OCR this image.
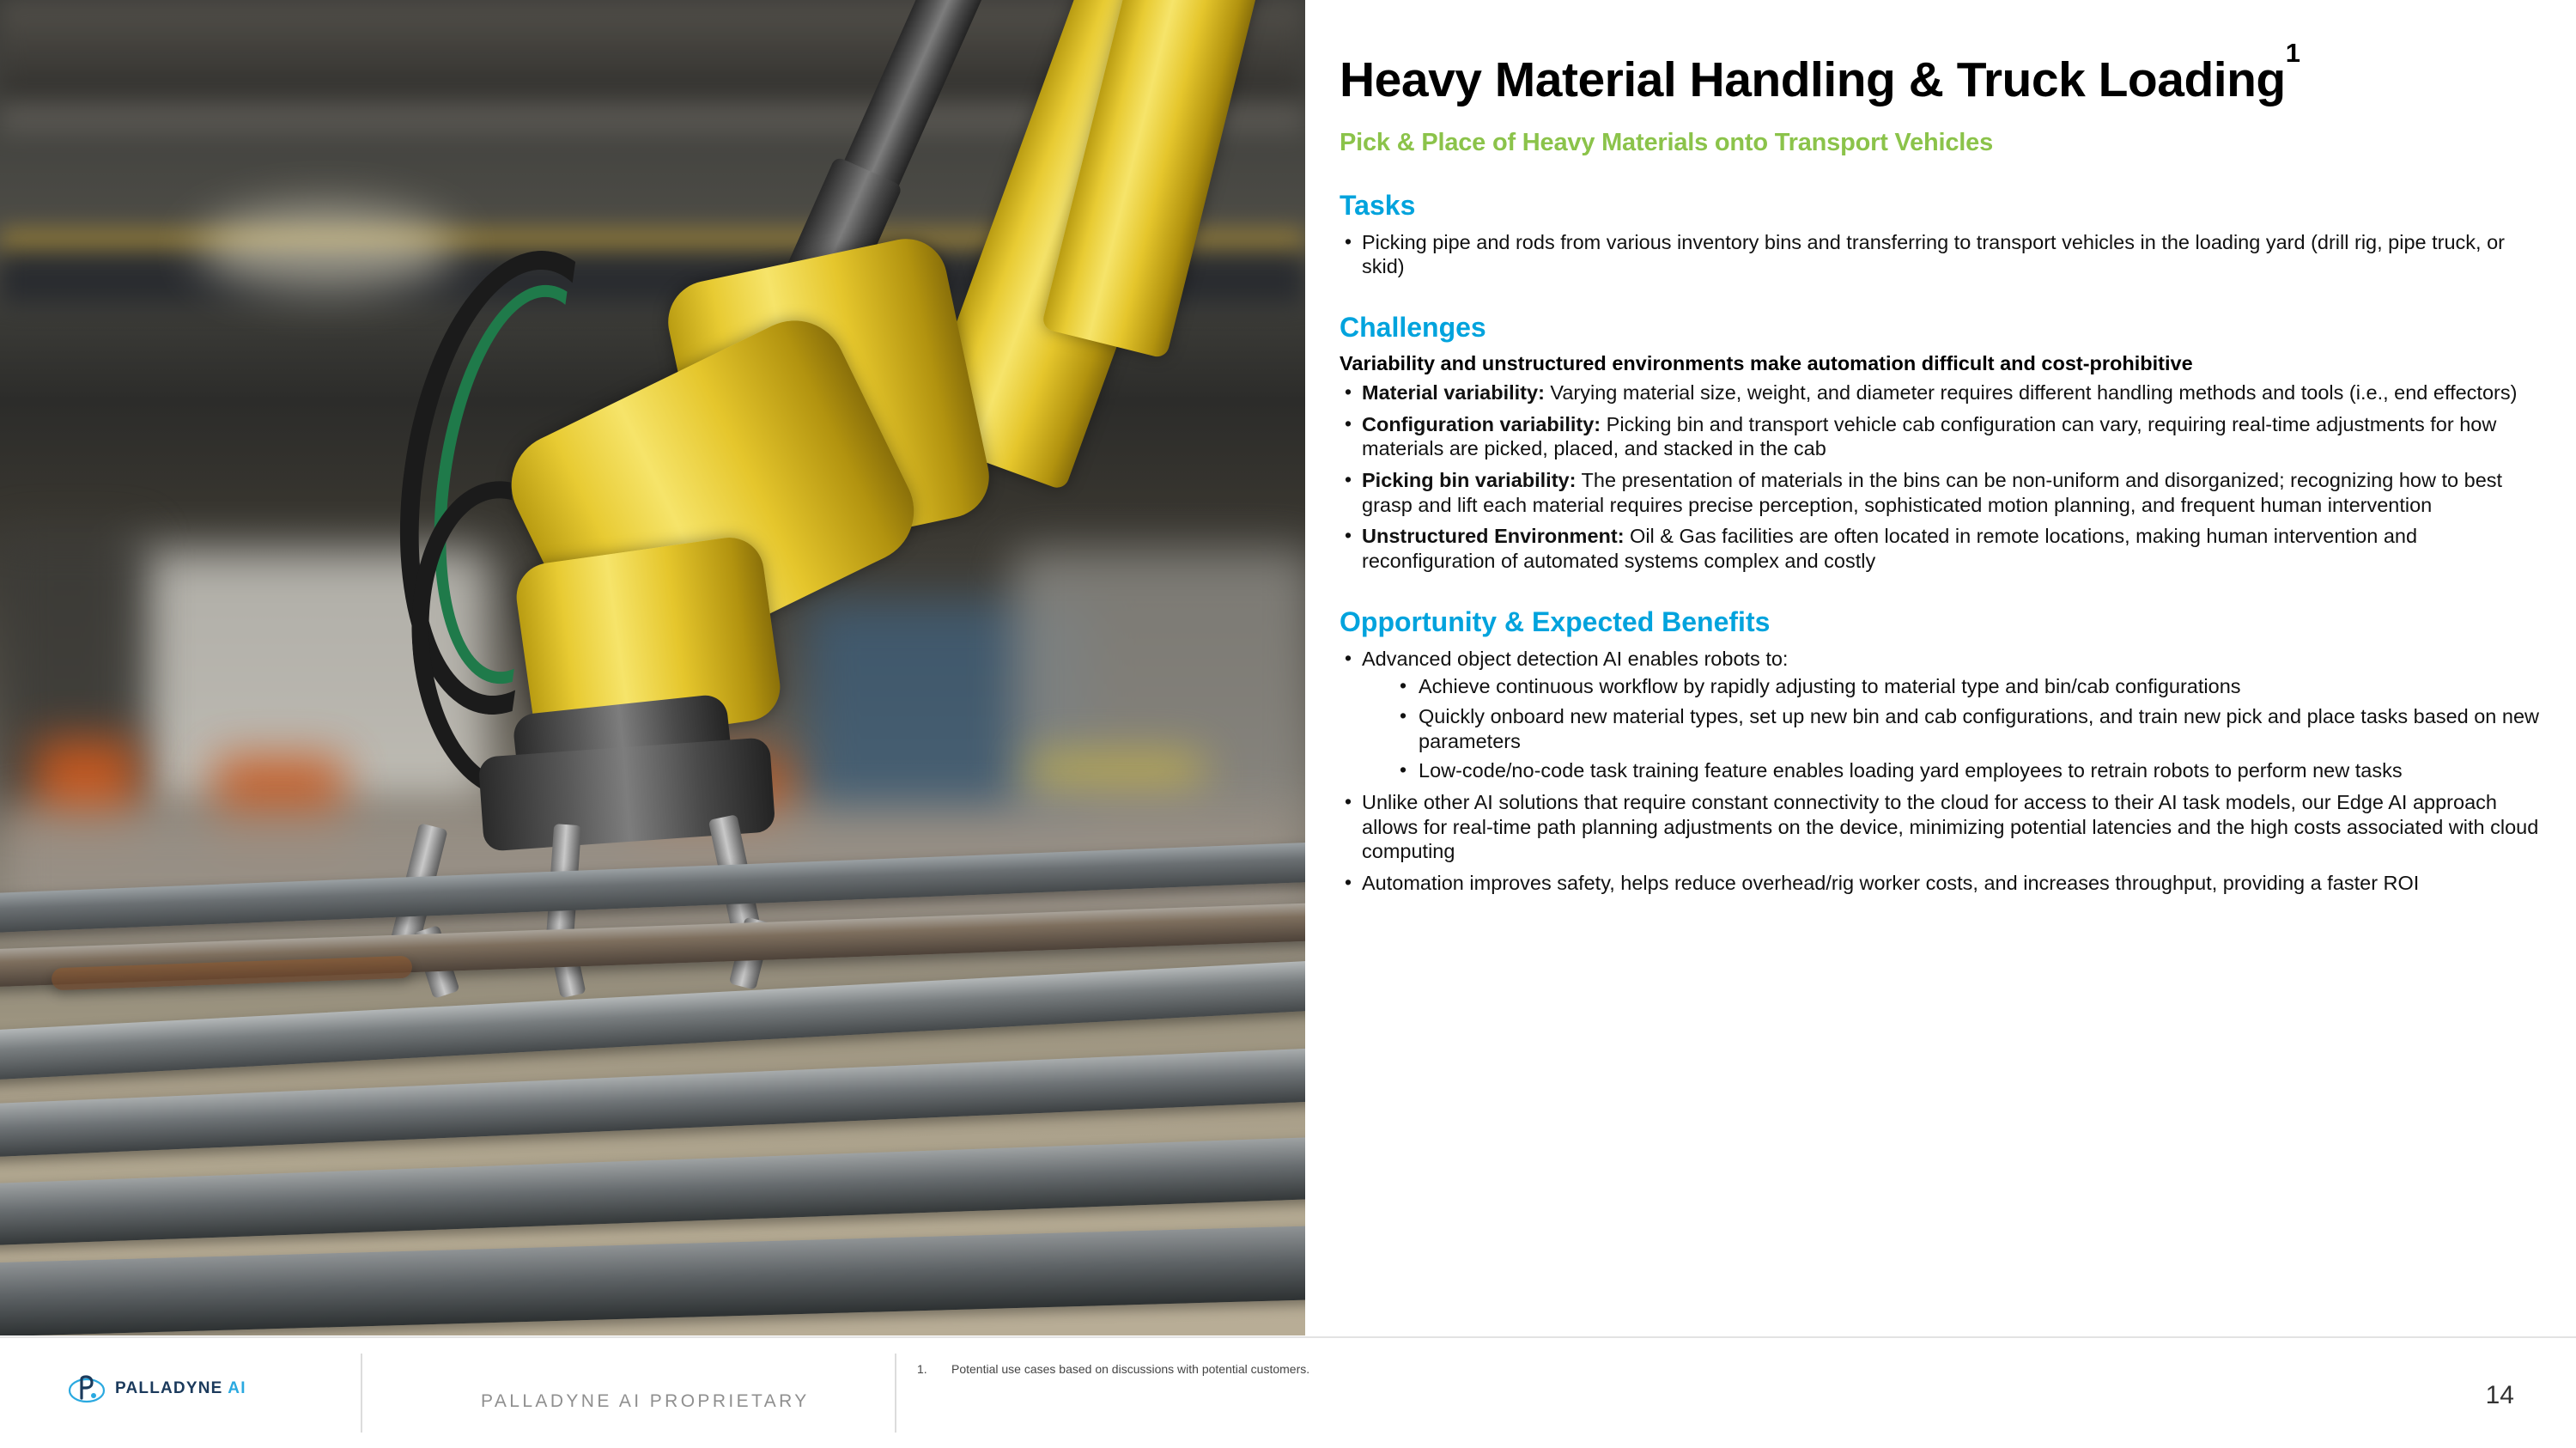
Heavy Material Handling & Truck Loading$^1$
Pick & Place of Heavy Materials onto Transport Vehicles
Tasks
• Picking pipe and rods from various inventory bins and transferring to transport vehicles in the loading yard (drill rig, pipe truck, or skid)
Challenges
Variability and unstructured environments make automation difficult and cost-prohibitive
• Material variability: Varying material size, weight, and diameter requires different handling methods and tools (i.e., end effectors)
• Configuration variability: Picking bin and transport vehicle cab configuration can vary, requiring real-time adjustments for how materials are picked, placed, and stacked in the cab
• Picking bin variability: The presentation of materials in the bins can be non-uniform and disorganized; recognizing how to best grasp and lift each material requires precise perception, sophisticated motion planning, and frequent human intervention
• Unstructured Environment: Oil & Gas facilities are often located in remote locations, making human intervention and reconfiguration of automated systems complex and costly
Opportunity & Expected Benefits
• Advanced object detection AI enables robots to:
• Achieve continuous workflow by rapidly adjusting to material type and bin/cab configurations
• Quickly onboard new material types, set up new bin and cab configurations, and train new pick and place tasks based on new parameters
• Low-code/no-code task training feature enables loading yard employees to retrain robots to perform new tasks
• Unlike other AI solutions that require constant connectivity to the cloud for access to their AI task models, our Edge AI approach allows for real-time path planning adjustments on the device, minimizing potential latencies and the high costs associated with cloud computing
• Automation improves safety, helps reduce overhead/rig worker costs, and increases throughput, providing a faster ROI
PALLADYNE AI
PALLADYNE AI PROPRIETARY
1. Potential use cases based on discussions with potential customers.
14
